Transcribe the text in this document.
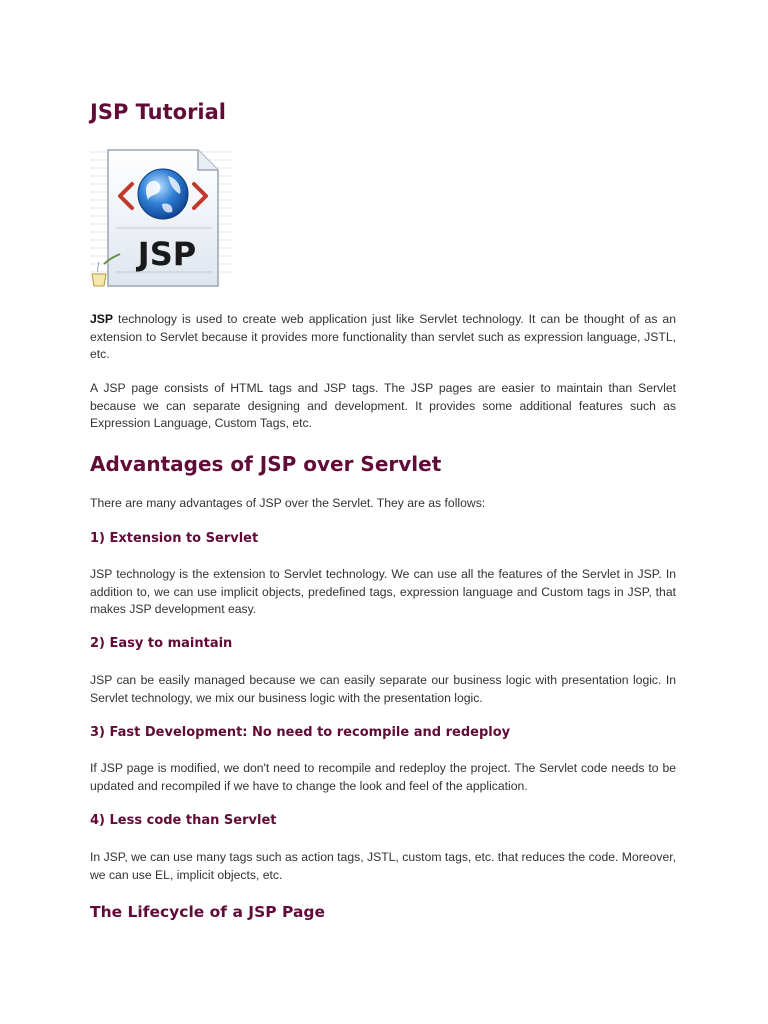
JSP Tutorial
JSP

JSP technology is used to create web application just like Servlet technology. It can be thought of as an extension to Servlet because it provides more functionality than servlet such as expression language, JSTL, etc.

A JSP page consists of HTML tags and JSP tags. The JSP pages are easier to maintain than Servlet because we can separate designing and development. It provides some additional features such as Expression Language, Custom Tags, etc.

Advantages of JSP over Servlet

There are many advantages of JSP over the Servlet. They are as follows:

1) Extension to Servlet

JSP technology is the extension to Servlet technology. We can use all the features of the Servlet in JSP. In addition to, we can use implicit objects, predefined tags, expression language and Custom tags in JSP, that makes JSP development easy.

2) Easy to maintain

JSP can be easily managed because we can easily separate our business logic with presentation logic. In Servlet technology, we mix our business logic with the presentation logic.

3) Fast Development: No need to recompile and redeploy

If JSP page is modified, we don't need to recompile and redeploy the project. The Servlet code needs to be updated and recompiled if we have to change the look and feel of the application.

4) Less code than Servlet

In JSP, we can use many tags such as action tags, JSTL, custom tags, etc. that reduces the code. Moreover, we can use EL, implicit objects, etc.

The Lifecycle of a JSP Page
